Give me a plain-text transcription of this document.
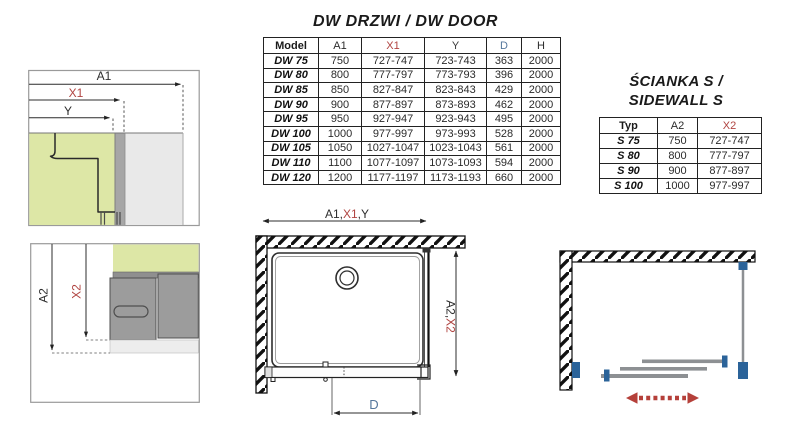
DW DRZWI / DW DOOR
Model	A1	X1	Y	D	H
DW 75	750	727-747	723-743	363	2000
DW 80	800	777-797	773-793	396	2000
DW 85	850	827-847	823-843	429	2000
DW 90	900	877-897	873-893	462	2000
DW 95	950	927-947	923-943	495	2000
DW 100	1000	977-997	973-993	528	2000
DW 105	1050	1027-1047	1023-1043	561	2000
DW 110	1100	1077-1097	1073-1093	594	2000
DW 120	1200	1177-1197	1173-1193	660	2000
ŚCIANKA S /
SIDEWALL S
Typ	A2	X2
S 75	750	727-747
S 80	800	777-797
S 90	900	877-897
S 100	1000	977-997
A1
X1
Y
A2 X2
A1,X1,Y
A2,X2
D
